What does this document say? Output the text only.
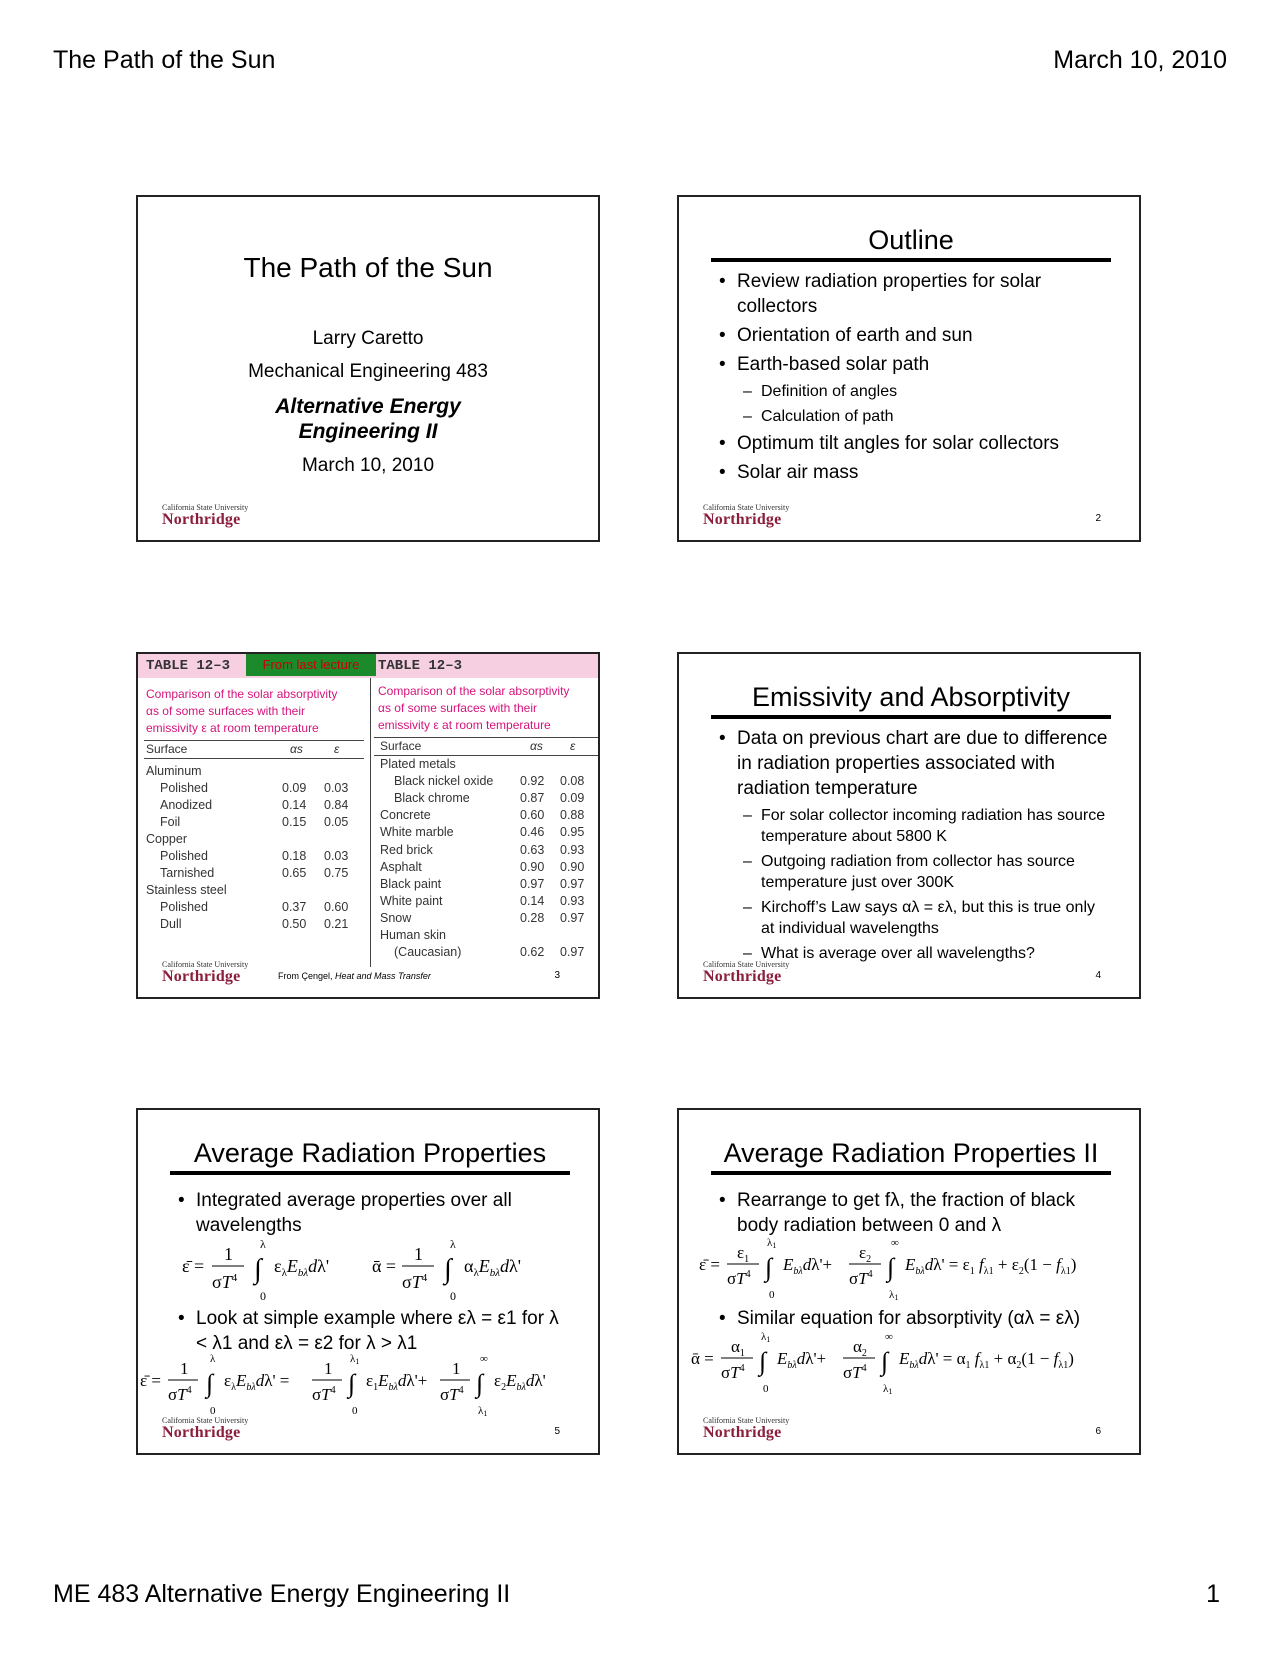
The Path of the Sun	March 10, 2010
The Path of the Sun
Larry Caretto
Mechanical Engineering 483
Alternative Energy
Engineering II
March 10, 2010
California State University
Northridge
Outline
• Review radiation properties for solar collectors
• Orientation of earth and sun
• Earth-based solar path
– Definition of angles
– Calculation of path
• Optimum tilt angles for solar collectors
• Solar air mass
California State University
Northridge	2
TABLE 12–3	TABLE 12–3
From last lecture
Comparison of the solar absorptivity
αs of some surfaces with their
emissivity ε at room temperature
Comparison of the solar absorptivity
αs of some surfaces with their
emissivity ε at room temperature
Surface	αs	ε	Surface	αs ε
Aluminum
Polished	0.09 0.03
Anodized	0.14 0.84
Foil	0.15 0.05
Copper
Polished	0.18 0.03
Tarnished	0.65 0.75
Stainless steel
Polished	0.37 0.60
Dull	0.50 0.21
Plated metals
Black nickel oxide 0.92 0.08
Black chrome	0.87 0.09
Concrete	0.60 0.88
White marble	0.46 0.95
Red brick	0.63 0.93
Asphalt	0.90 0.90
Black paint	0.97 0.97
White paint	0.14 0.93
Snow	0.28 0.97
Human skin
(Caucasian)	0.62 0.97
From Çengel, Heat and Mass Transfer
California State University
Northridge	3
Emissivity and Absorptivity
• Data on previous chart are due to difference in radiation properties associated with radiation temperature
– For solar collector incoming radiation has source temperature about 5800 K
– Outgoing radiation from collector has source temperature just over 300K
– Kirchoff’s Law says αλ = ελ, but this is true only at individual wavelengths
– What is average over all wavelengths?
California State University
Northridge	4
Average Radiation Properties
• Integrated average properties over all wavelengths
ε̄ =
1
$\sigma T^4$ ∫
λ
0
$\varepsilon_\lambda E_{b\lambda}d\lambda'$ ᾱ =
1
$\sigma T^4$ ∫
λ
0
$\alpha_\lambda E_{b\lambda}d\lambda'$
• Look at simple example where ελ = ε1 for λ < λ1 and ελ = ε2 for λ > λ1
ε̄ =
1
$\sigma T^4$ ∫
λ
0
$\varepsilon_\lambda E_{b\lambda}d\lambda'$ =
1
$\sigma T^4$ ∫
λ1
0
$\varepsilon_1E_{b\lambda}d\lambda'+$
1
$\sigma T^4$ ∫
∞
λ1
$\varepsilon_2E_{b\lambda}d\lambda'$
California State University
Northridge	5
Average Radiation Properties II
• Rearrange to get fλ, the fraction of black body radiation between 0 and λ
ε̄ =
$\varepsilon_1$
$\sigma T^4$ ∫
λ1
0
$E_{b\lambda}d\lambda'+$
$\varepsilon_2$
$\sigma T^4$ ∫
∞
λ1
$E_{b\lambda}d\lambda' = \varepsilon_1$ $f_{\lambda 1} + \varepsilon_2(1 - f_{\lambda 1})$
• Similar equation for absorptivity (αλ = ελ)
ᾱ =
$\alpha_1$
$\sigma T^4$ ∫
λ1
0
$E_{b\lambda}d\lambda'+$
$\alpha_2$
$\sigma T^4$ ∫
∞
λ1
$E_{b\lambda}d\lambda' = \alpha_1$ $f_{\lambda 1} + \alpha_2(1 - f_{\lambda 1})$
California State University
Northridge	6
ME 483 Alternative Energy Engineering II	1
